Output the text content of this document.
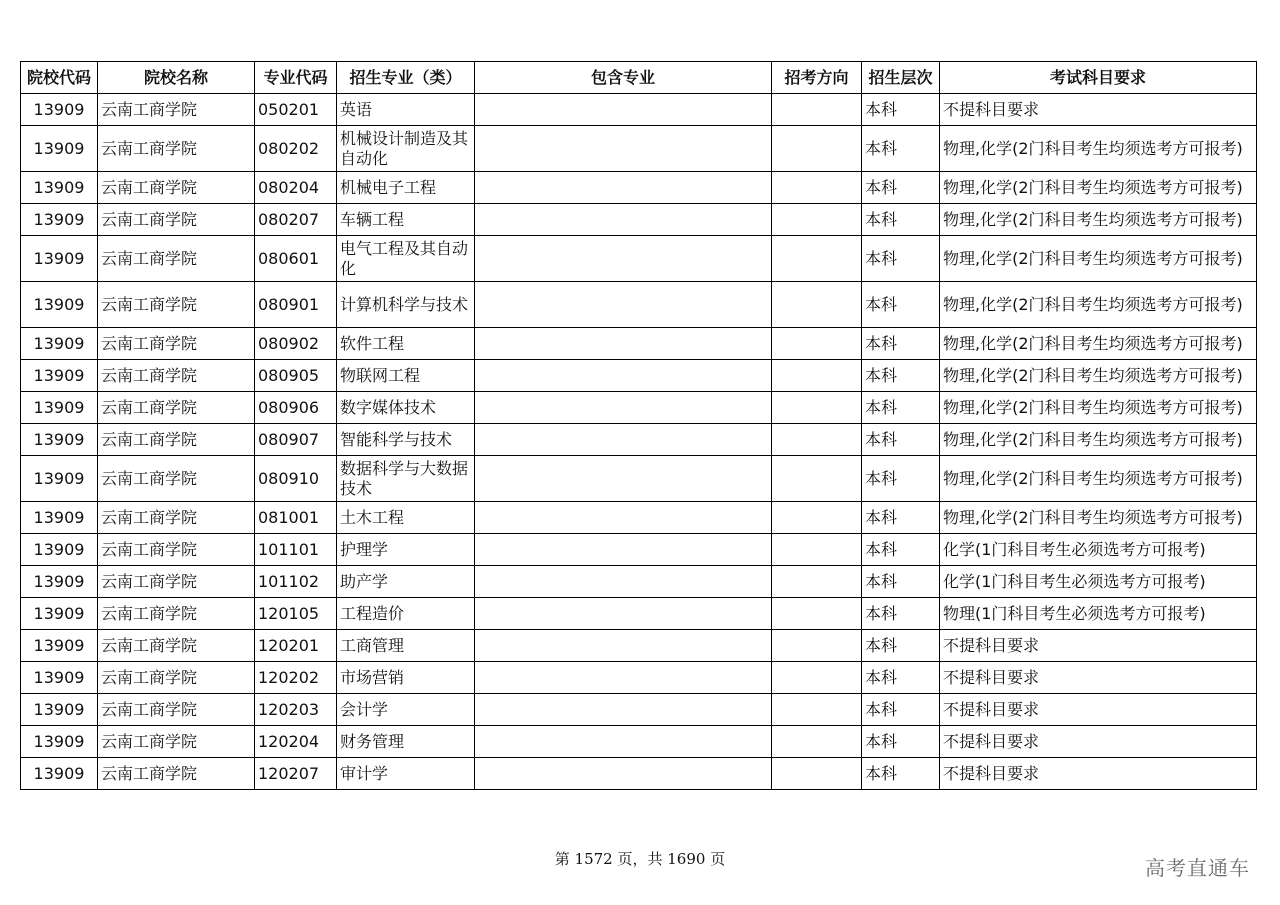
院校代码	院校名称	专业代码	招生专业（类）	包含专业	招考方向	招生层次	考试科目要求
13909	云南工商学院	050201	英语			本科	不提科目要求
13909	云南工商学院	080202	机械设计制造及其自动化			本科	物理,化学(2门科目考生均须选考方可报考)
13909	云南工商学院	080204	机械电子工程			本科	物理,化学(2门科目考生均须选考方可报考)
13909	云南工商学院	080207	车辆工程			本科	物理,化学(2门科目考生均须选考方可报考)
13909	云南工商学院	080601	电气工程及其自动化			本科	物理,化学(2门科目考生均须选考方可报考)
13909	云南工商学院	080901	计算机科学与技术			本科	物理,化学(2门科目考生均须选考方可报考)
13909	云南工商学院	080902	软件工程			本科	物理,化学(2门科目考生均须选考方可报考)
13909	云南工商学院	080905	物联网工程			本科	物理,化学(2门科目考生均须选考方可报考)
13909	云南工商学院	080906	数字媒体技术			本科	物理,化学(2门科目考生均须选考方可报考)
13909	云南工商学院	080907	智能科学与技术			本科	物理,化学(2门科目考生均须选考方可报考)
13909	云南工商学院	080910	数据科学与大数据技术			本科	物理,化学(2门科目考生均须选考方可报考)
13909	云南工商学院	081001	土木工程			本科	物理,化学(2门科目考生均须选考方可报考)
13909	云南工商学院	101101	护理学			本科	化学(1门科目考生必须选考方可报考)
13909	云南工商学院	101102	助产学			本科	化学(1门科目考生必须选考方可报考)
13909	云南工商学院	120105	工程造价			本科	物理(1门科目考生必须选考方可报考)
13909	云南工商学院	120201	工商管理			本科	不提科目要求
13909	云南工商学院	120202	市场营销			本科	不提科目要求
13909	云南工商学院	120203	会计学			本科	不提科目要求
13909	云南工商学院	120204	财务管理			本科	不提科目要求
13909	云南工商学院	120207	审计学			本科	不提科目要求
第 1572 页，共 1690 页	高考直通车
